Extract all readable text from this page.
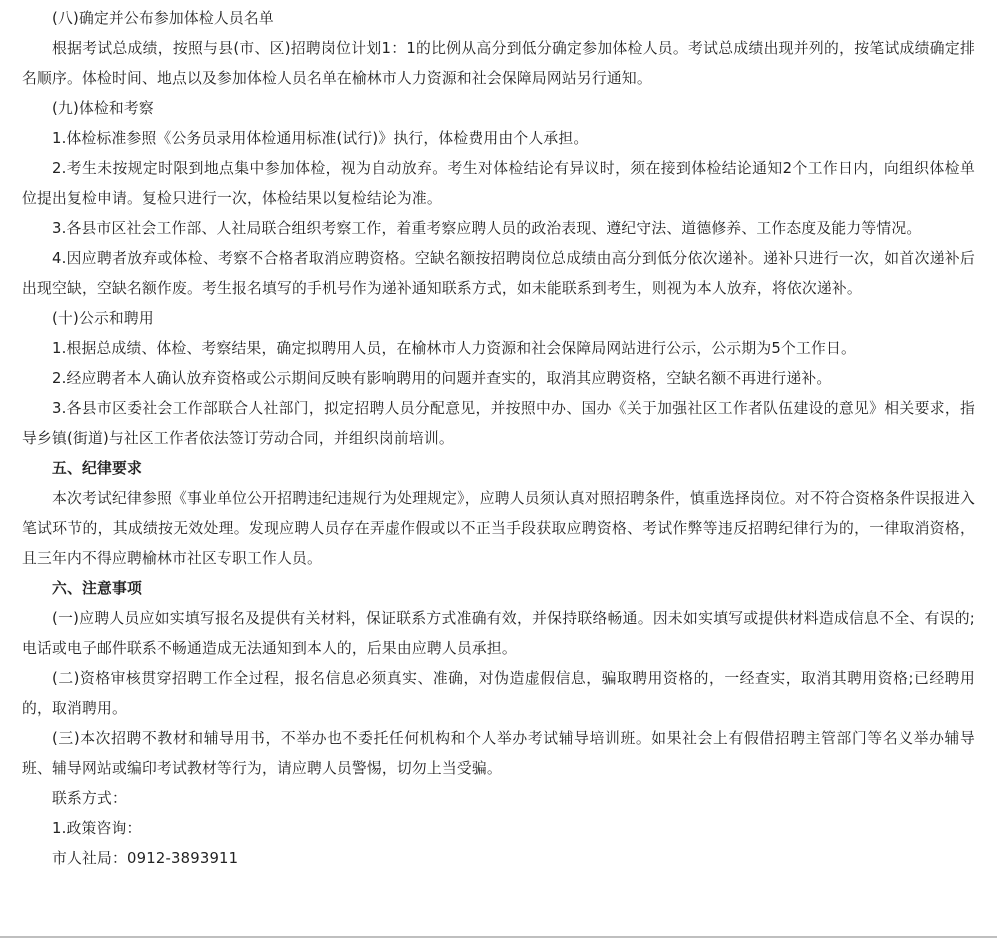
(八)确定并公布参加体检人员名单

根据考试总成绩，按照与县(市、区)招聘岗位计划1：1的比例从高分到低分确定参加体检人员。考试总成绩出现并列的，按笔试成绩确定排名顺序。体检时间、地点以及参加体检人员名单在榆林市人力资源和社会保障局网站另行通知。

(九)体检和考察

1.体检标准参照《公务员录用体检通用标准(试行)》执行，体检费用由个人承担。

2.考生未按规定时限到地点集中参加体检，视为自动放弃。考生对体检结论有异议时，须在接到体检结论通知2个工作日内，向组织体检单位提出复检申请。复检只进行一次，体检结果以复检结论为准。

3.各县市区社会工作部、人社局联合组织考察工作，着重考察应聘人员的政治表现、遵纪守法、道德修养、工作态度及能力等情况。

4.因应聘者放弃或体检、考察不合格者取消应聘资格。空缺名额按招聘岗位总成绩由高分到低分依次递补。递补只进行一次，如首次递补后出现空缺，空缺名额作废。考生报名填写的手机号作为递补通知联系方式，如未能联系到考生，则视为本人放弃，将依次递补。

(十)公示和聘用

1.根据总成绩、体检、考察结果，确定拟聘用人员，在榆林市人力资源和社会保障局网站进行公示，公示期为5个工作日。

2.经应聘者本人确认放弃资格或公示期间反映有影响聘用的问题并查实的，取消其应聘资格，空缺名额不再进行递补。

3.各县市区委社会工作部联合人社部门，拟定招聘人员分配意见，并按照中办、国办《关于加强社区工作者队伍建设的意见》相关要求，指导乡镇(街道)与社区工作者依法签订劳动合同，并组织岗前培训。

五、纪律要求

本次考试纪律参照《事业单位公开招聘违纪违规行为处理规定》，应聘人员须认真对照招聘条件，慎重选择岗位。对不符合资格条件误报进入笔试环节的，其成绩按无效处理。发现应聘人员存在弄虚作假或以不正当手段获取应聘资格、考试作弊等违反招聘纪律行为的，一律取消资格，且三年内不得应聘榆林市社区专职工作人员。

六、注意事项

(一)应聘人员应如实填写报名及提供有关材料，保证联系方式准确有效，并保持联络畅通。因未如实填写或提供材料造成信息不全、有误的;电话或电子邮件联系不畅通造成无法通知到本人的，后果由应聘人员承担。

(二)资格审核贯穿招聘工作全过程，报名信息必须真实、准确，对伪造虚假信息，骗取聘用资格的，一经查实，取消其聘用资格;已经聘用的，取消聘用。

(三)本次招聘不教材和辅导用书，不举办也不委托任何机构和个人举办考试辅导培训班。如果社会上有假借招聘主管部门等名义举办辅导班、辅导网站或编印考试教材等行为，请应聘人员警惕，切勿上当受骗。

联系方式：

1.政策咨询：

市人社局：0912-3893911
